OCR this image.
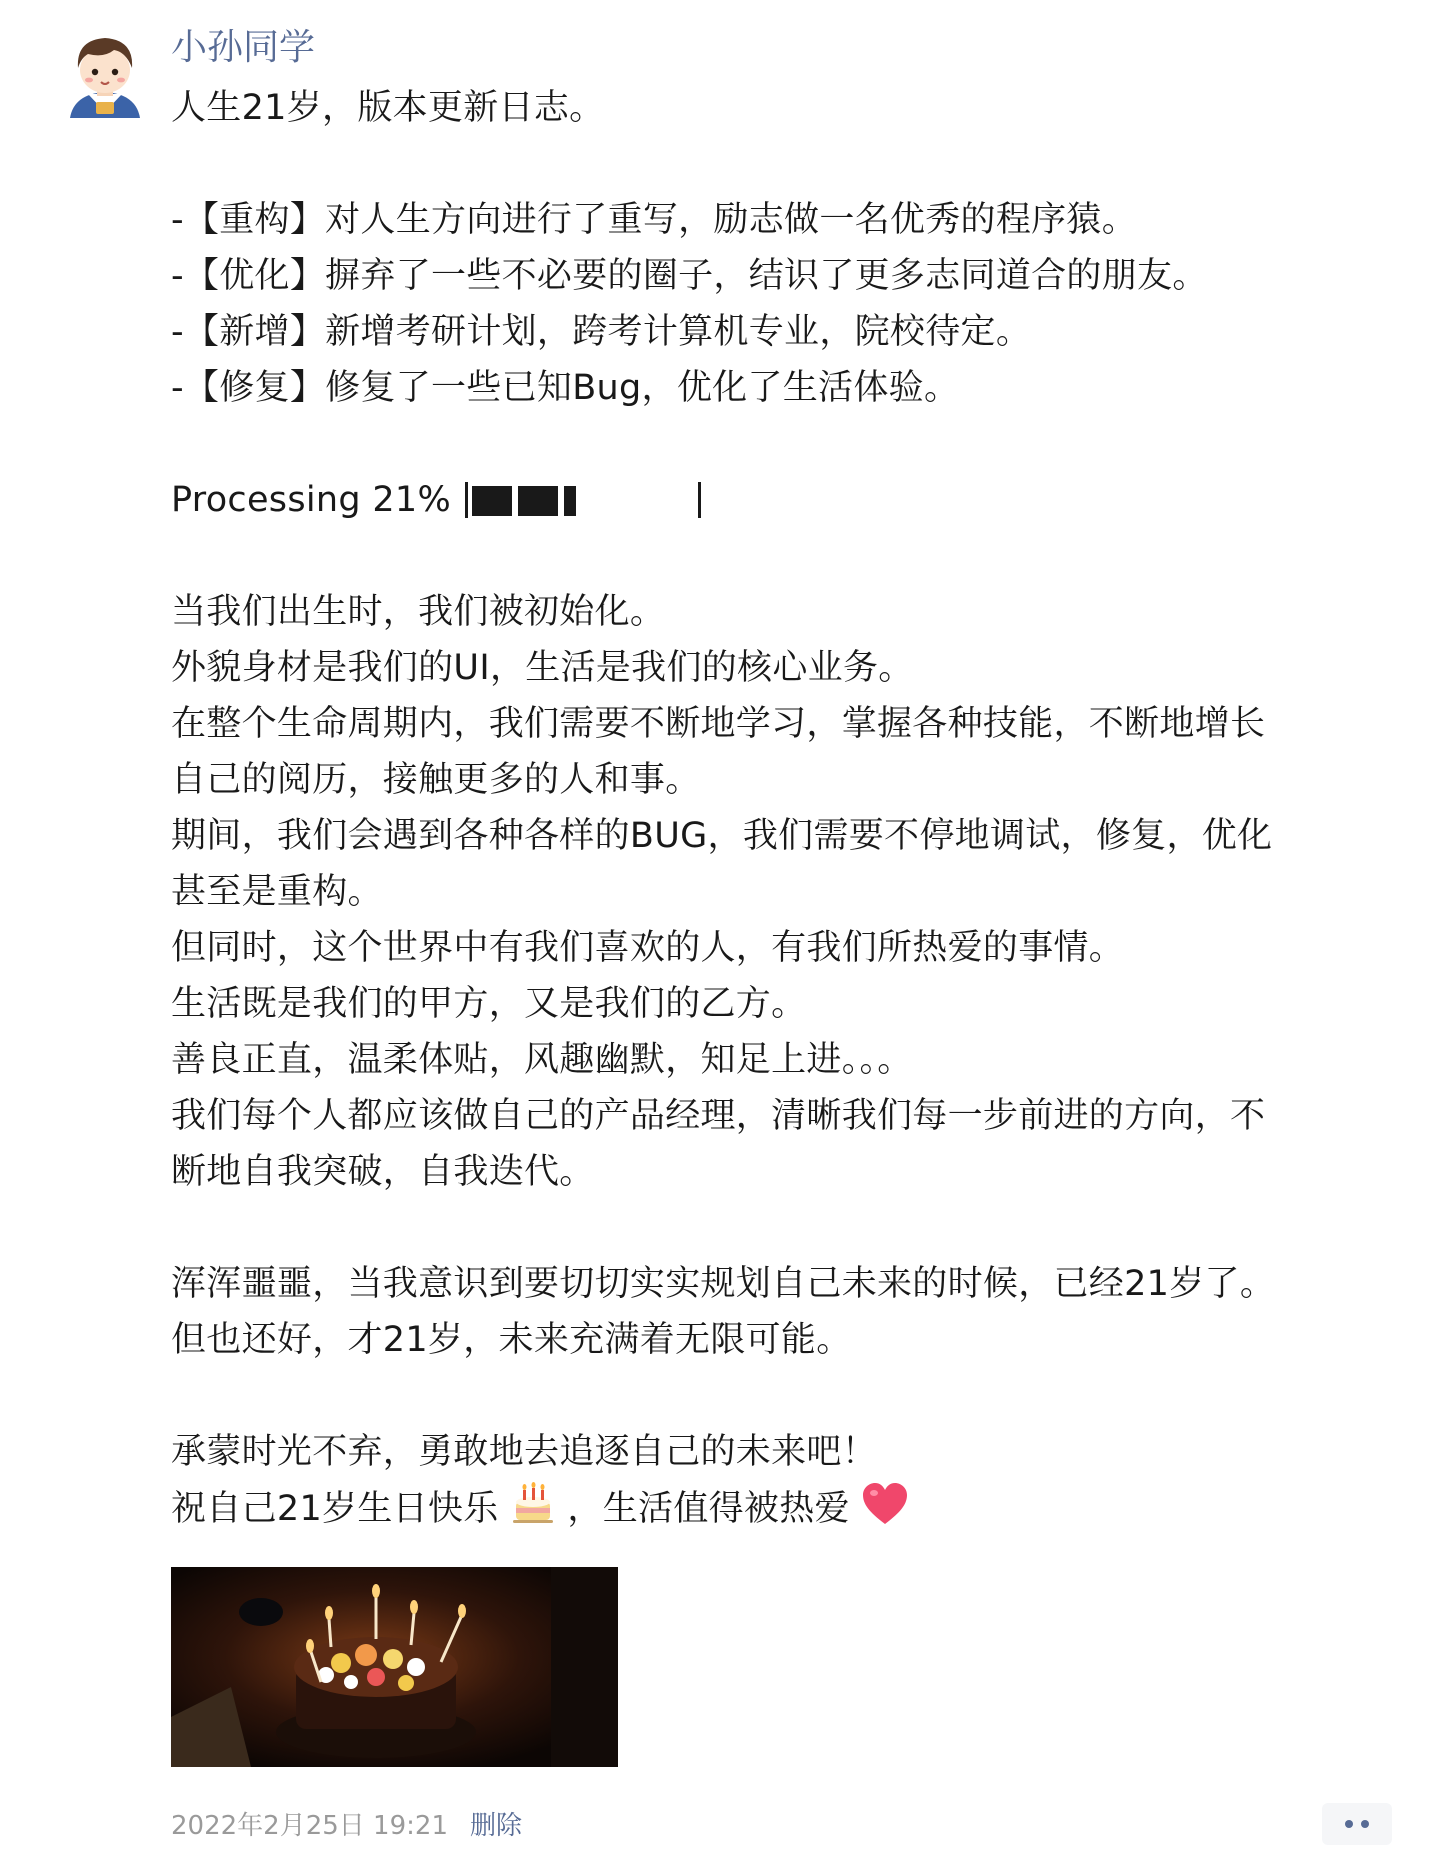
小孙同学
人生21岁，版本更新日志。
-【重构】对人生方向进行了重写，励志做一名优秀的程序猿。
-【优化】摒弃了一些不必要的圈子，结识了更多志同道合的朋友。
-【新增】新增考研计划，跨考计算机专业，院校待定。
-【修复】修复了一些已知Bug，优化了生活体验。
Processing 21%
当我们出生时，我们被初始化。
外貌身材是我们的UI，生活是我们的核心业务。
在整个生命周期内，我们需要不断地学习，掌握各种技能，不断地增长
自己的阅历，接触更多的人和事。
期间，我们会遇到各种各样的BUG，我们需要不停地调试，修复，优化
甚至是重构。
但同时，这个世界中有我们喜欢的人，有我们所热爱的事情。
生活既是我们的甲方，又是我们的乙方。
善良正直，温柔体贴，风趣幽默，知足上进。。。
我们每个人都应该做自己的产品经理，清晰我们每一步前进的方向，不
断地自我突破，自我迭代。
浑浑噩噩，当我意识到要切切实实规划自己未来的时候，已经21岁了。
但也还好，才21岁，未来充满着无限可能。
承蒙时光不弃，勇敢地去追逐自己的未来吧！
祝自己21岁生日快乐 ，生活值得被热爱
2022年2月25日 19:21 删除
